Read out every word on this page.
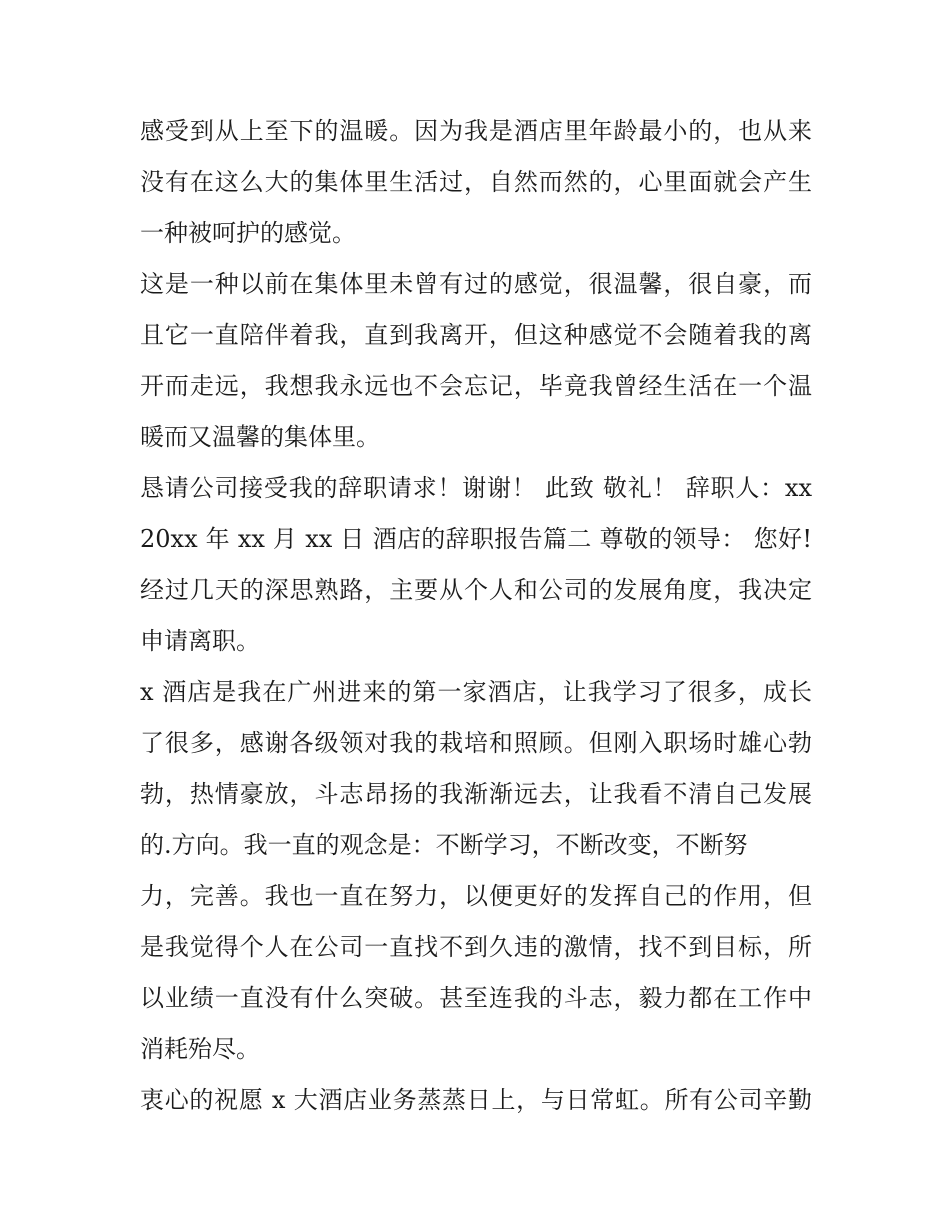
感受到从上至下的温暖。因为我是酒店里年龄最小的，也从来
没有在这么大的集体里生活过，自然而然的，心里面就会产生
一种被呵护的感觉。
这是一种以前在集体里未曾有过的感觉，很温馨，很自豪，而
且它一直陪伴着我，直到我离开，但这种感觉不会随着我的离
开而走远，我想我永远也不会忘记，毕竟我曾经生活在一个温
暖而又温馨的集体里。
恳请公司接受我的辞职请求！谢谢！ 此致 敬礼！ 辞职人：xx
20xx 年 xx 月 xx 日 酒店的辞职报告篇二 尊敬的领导： 您好!
经过几天的深思熟路，主要从个人和公司的发展角度，我决定
申请离职。
x 酒店是我在广州进来的第一家酒店，让我学习了很多，成长
了很多，感谢各级领对我的栽培和照顾。但刚入职场时雄心勃
勃，热情豪放，斗志昂扬的我渐渐远去，让我看不清自己发展
的.方向。我一直的观念是：不断学习，不断改变，不断努
力，完善。我也一直在努力，以便更好的发挥自己的作用，但
是我觉得个人在公司一直找不到久违的激情，找不到目标，所
以业绩一直没有什么突破。甚至连我的斗志，毅力都在工作中
消耗殆尽。
衷心的祝愿 x 大酒店业务蒸蒸日上，与日常虹。所有公司辛勤
